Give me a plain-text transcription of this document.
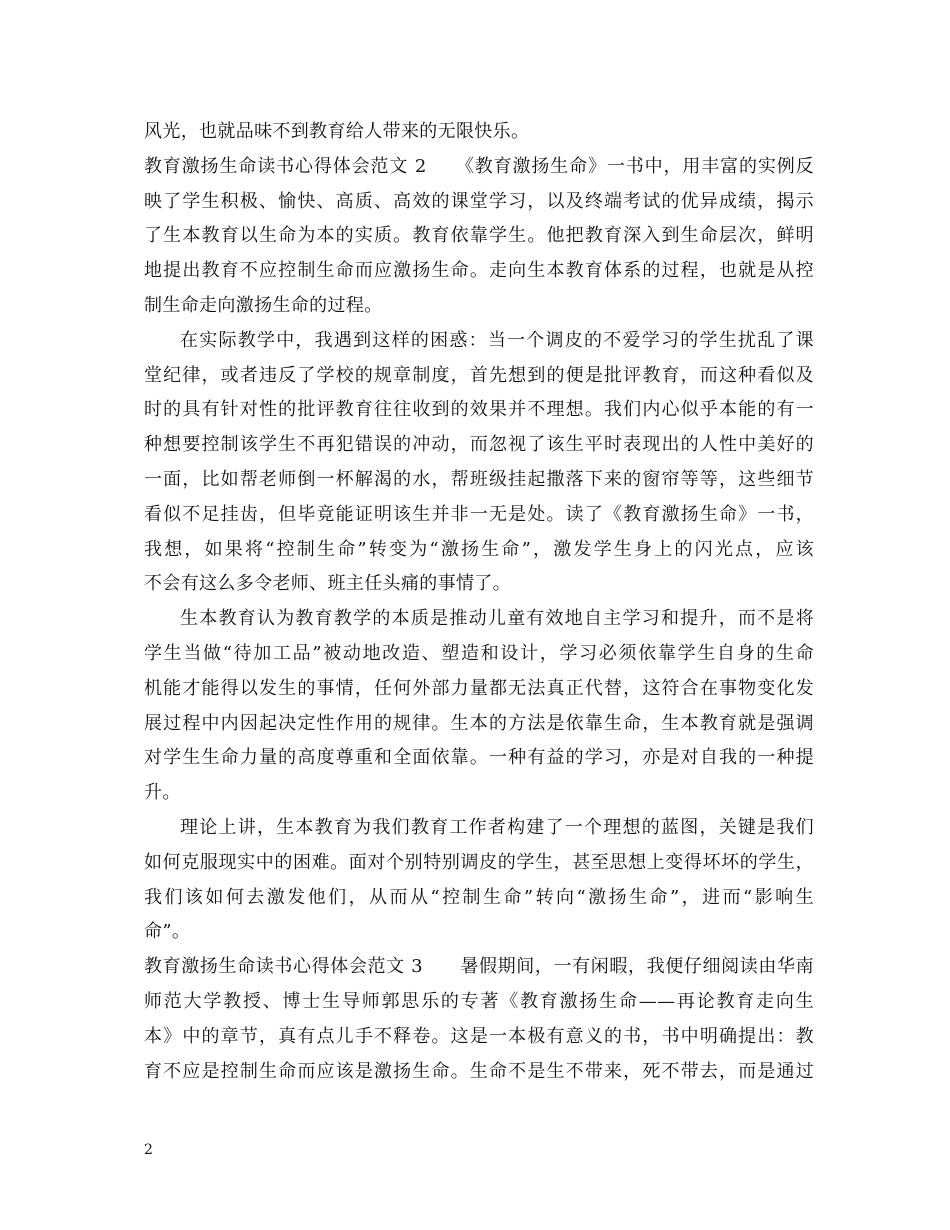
风光，也就品味不到教育给人带来的无限快乐。
教育激扬生命读书心得体会范文 2　　《教育激扬生命》一书中，用丰富的实例反
映了学生积极、愉快、高质、高效的课堂学习，以及终端考试的优异成绩，揭示
了生本教育以生命为本的实质。教育依靠学生。他把教育深入到生命层次，鲜明
地提出教育不应控制生命而应激扬生命。走向生本教育体系的过程，也就是从控
制生命走向激扬生命的过程。
在实际教学中，我遇到这样的困惑：当一个调皮的不爱学习的学生扰乱了课
堂纪律，或者违反了学校的规章制度，首先想到的便是批评教育，而这种看似及
时的具有针对性的批评教育往往收到的效果并不理想。我们内心似乎本能的有一
种想要控制该学生不再犯错误的冲动，而忽视了该生平时表现出的人性中美好的
一面，比如帮老师倒一杯解渴的水，帮班级挂起撒落下来的窗帘等等，这些细节
看似不足挂齿，但毕竟能证明该生并非一无是处。读了《教育激扬生命》一书，
我想，如果将“控制生命”转变为“激扬生命”，激发学生身上的闪光点，应该
不会有这么多令老师、班主任头痛的事情了。
生本教育认为教育教学的本质是推动儿童有效地自主学习和提升，而不是将
学生当做“待加工品”被动地改造、塑造和设计，学习必须依靠学生自身的生命
机能才能得以发生的事情，任何外部力量都无法真正代替，这符合在事物变化发
展过程中内因起决定性作用的规律。生本的方法是依靠生命，生本教育就是强调
对学生生命力量的高度尊重和全面依靠。一种有益的学习，亦是对自我的一种提
升。
理论上讲，生本教育为我们教育工作者构建了一个理想的蓝图，关键是我们
如何克服现实中的困难。面对个别特别调皮的学生，甚至思想上变得坏坏的学生，
我们该如何去激发他们，从而从“控制生命”转向“激扬生命”，进而“影响生
命”。
教育激扬生命读书心得体会范文 3　　暑假期间，一有闲暇，我便仔细阅读由华南
师范大学教授、博士生导师郭思乐的专著《教育激扬生命——再论教育走向生
本》中的章节，真有点儿手不释卷。这是一本极有意义的书，书中明确提出：教
育不应是控制生命而应该是激扬生命。生命不是生不带来，死不带去，而是通过
2
